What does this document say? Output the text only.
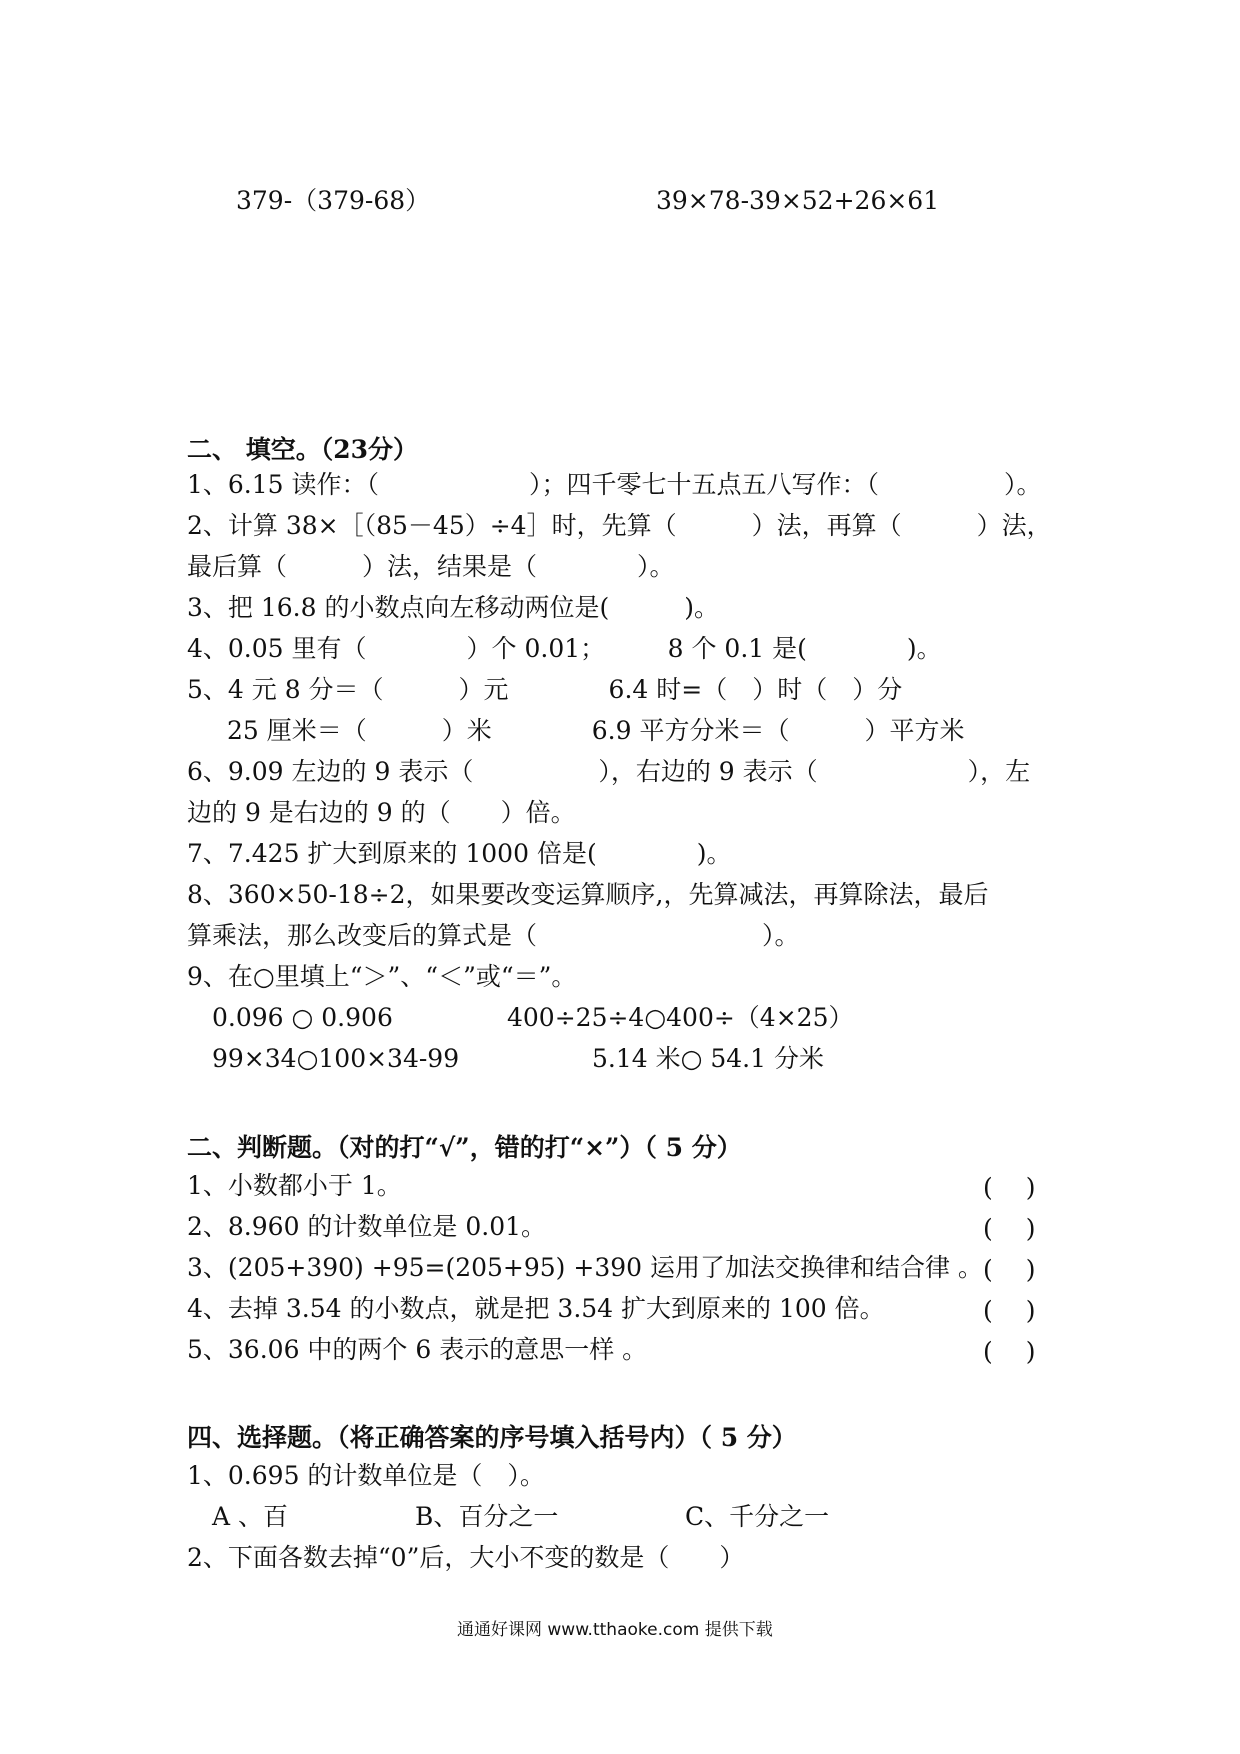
379-（379-68）	39×78-39×52+26×61
二、 填空。（23分）
1、6.15 读作：（　　　　　　）；四千零七十五点五八写作：（　　　　　）。
2、计算 38×［（85－45）÷4］时，先算（　　　）法，再算（　　　）法，
最后算（　　　）法，结果是（　　　　）。
3、把 16.8 的小数点向左移动两位是(　　　)。
4、0.05 里有（　　　　）个 0.01；　　　8 个 0.1 是(　　　　)。
5、4 元 8 分＝（　　　）元　　　　6.4 时=（　）时（　）分
25 厘米＝（　　　）米　　　　6.9 平方分米＝（　　　）平方米
6、9.09 左边的 9 表示（　　　　　），右边的 9 表示（　　　　　　），左
边的 9 是右边的 9 的（　　）倍。
7、7.425 扩大到原来的 1000 倍是(　　　　)。
8、360×50-18÷2，如果要改变运算顺序,，先算减法，再算除法，最后
算乘法，那么改变后的算式是（　　　　　　　　　）。
9、在○里填上“＞”、“＜”或“＝”。
0.096 ○ 0.906	400÷25÷4○400÷（4×25）
99×34○100×34-99	5.14 米○ 54.1 分米
二、判断题。（对的打“√”，错的打“×”）（ 5 分）
1、小数都小于 1。	(　 )
2、8.960 的计数单位是 0.01。	(　 )
3、(205+390) +95=(205+95) +390 运用了加法交换律和结合律 。 (　 )
4、去掉 3.54 的小数点，就是把 3.54 扩大到原来的 100 倍。	(　 )
5、36.06 中的两个 6 表示的意思一样 。	(　 )
四、选择题。（将正确答案的序号填入括号内）（ 5 分）
1、0.695 的计数单位是（　）。
A 、百	B、百分之一	C、千分之一
2、下面各数去掉“0”后，大小不变的数是（　　）
通通好课网 www.tthaoke.com 提供下载
